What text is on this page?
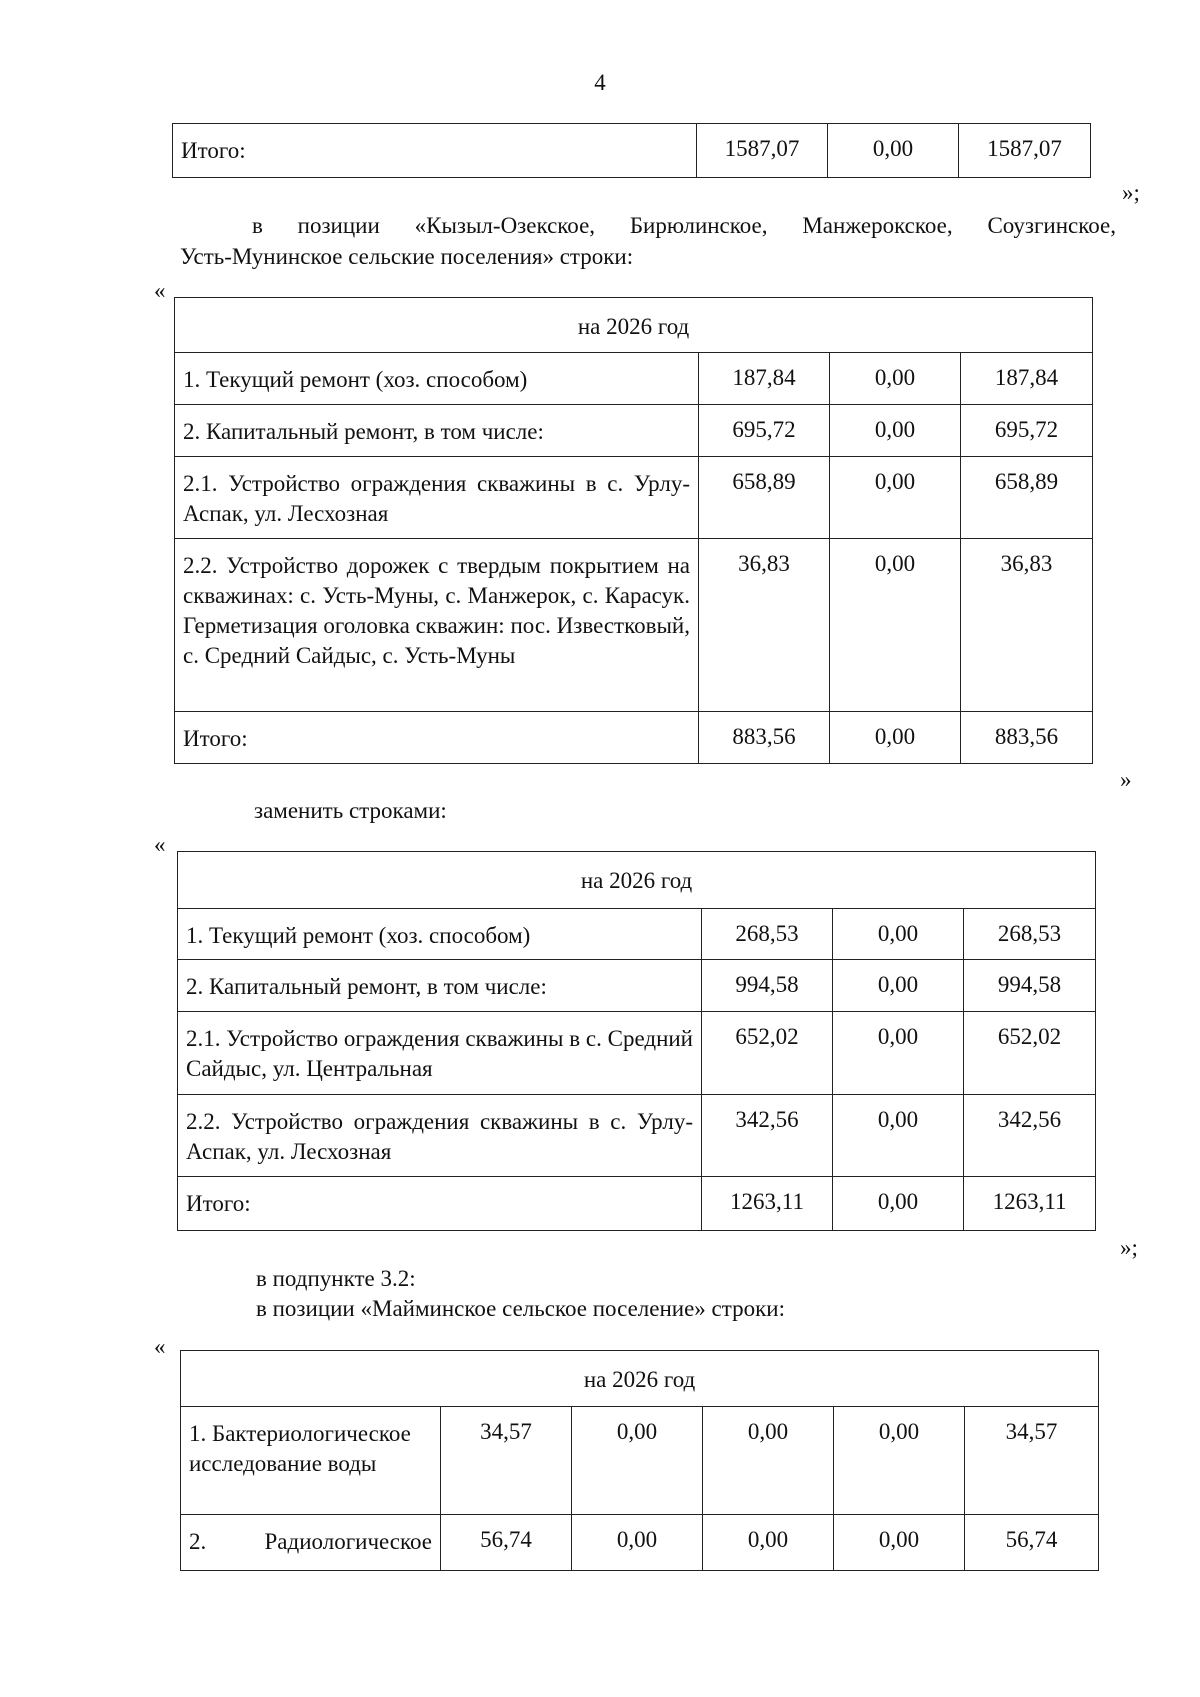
4
Итого:	1587,07	0,00	1587,07
»;
в позиции «Кызыл-Озекское, Бирюлинское, Манжерокское, Соузгинское,
Усть-Мунинское сельские поселения» строки:
«
на 2026 год			
1. Текущий ремонт (хоз. способом)	187,84	0,00	187,84
2. Капитальный ремонт, в том числе:	695,72	0,00	695,72
2.1. Устройство ограждения скважины в с. Урлу-Аспак, ул. Лесхозная	658,89	0,00	658,89
2.2. Устройство дорожек с твердым покрытием на скважинах: с. Усть-Муны, с. Манжерок, с. Карасук. Герметизация оголовка скважин: пос. Известковый, с. Средний Сайдыс, с. Усть-Муны	36,83	0,00	36,83
Итого:	883,56	0,00	883,56
»
заменить строками:
«
на 2026 год			
1. Текущий ремонт (хоз. способом)	268,53	0,00	268,53
2. Капитальный ремонт, в том числе:	994,58	0,00	994,58
2.1. Устройство ограждения скважины в с. Средний Сайдыс, ул. Центральная	652,02	0,00	652,02
2.2. Устройство ограждения скважины в с. Урлу-Аспак, ул. Лесхозная	342,56	0,00	342,56
Итого:	1263,11	0,00	1263,11
»;
в подпункте 3.2:
в позиции «Майминское сельское поселение» строки:
«
на 2026 год					
1. Бактериологическое исследование воды	34,57	0,00	0,00	0,00	34,57

2. Радиологическое	56,74	0,00	0,00	0,00	56,74
